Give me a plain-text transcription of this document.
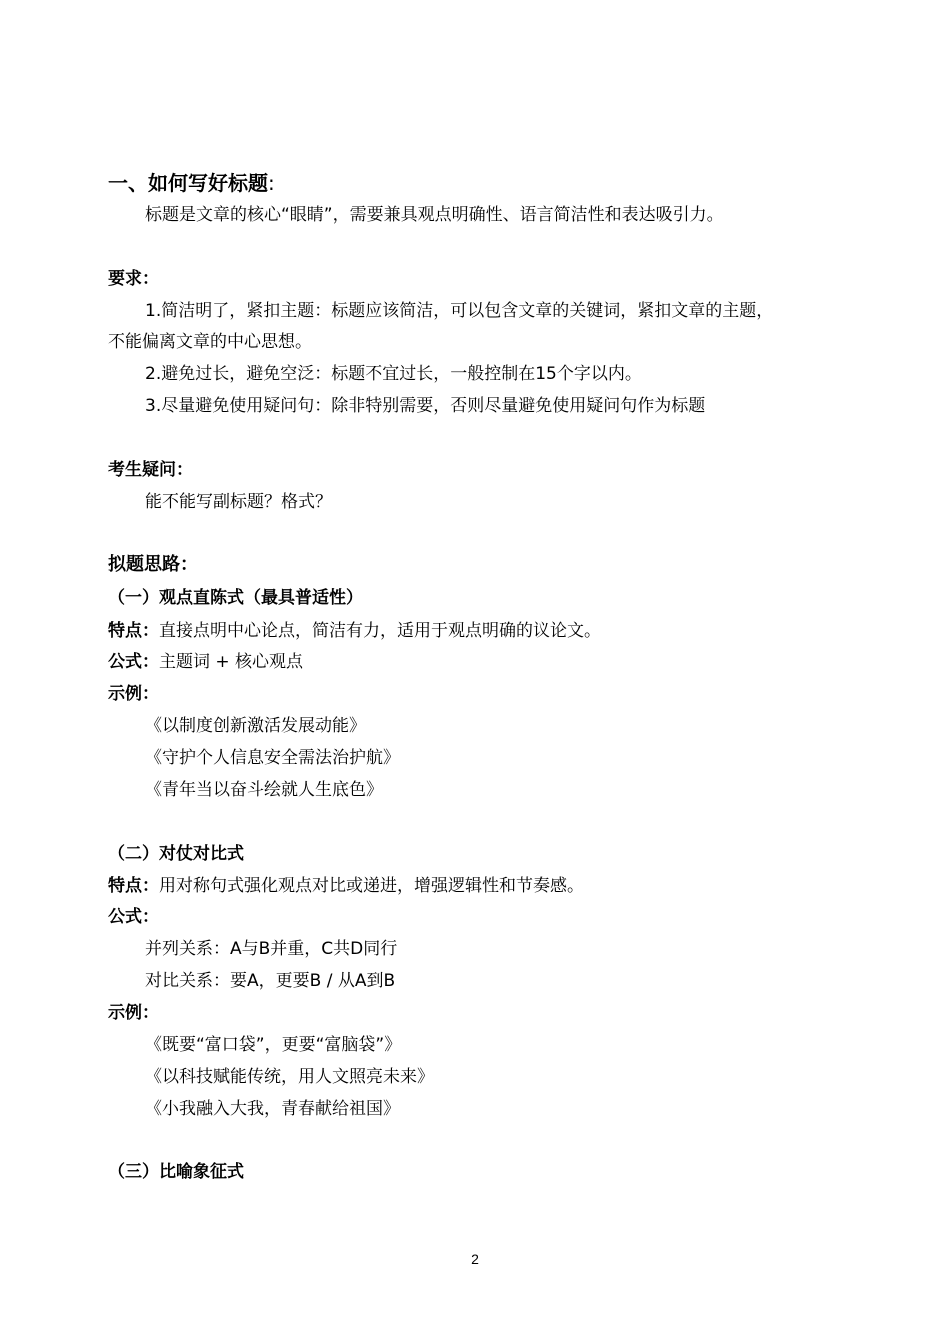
一、如何写好标题:
标题是文章的核心“眼睛”，需要兼具观点明确性、语言简洁性和表达吸引力。
要求：
1.简洁明了，紧扣主题：标题应该简洁，可以包含文章的关键词，紧扣文章的主题，
不能偏离文章的中心思想。
2.避免过长，避免空泛：标题不宜过长，一般控制在15个字以内。
3.尽量避免使用疑问句：除非特别需要，否则尽量避免使用疑问句作为标题
考生疑问：
能不能写副标题？格式？
拟题思路：
（一）观点直陈式（最具普适性）
特点：直接点明中心论点，简洁有力，适用于观点明确的议论文。
公式：主题词 + 核心观点
示例：
《以制度创新激活发展动能》
《守护个人信息安全需法治护航》
《青年当以奋斗绘就人生底色》
（二）对仗对比式
特点：用对称句式强化观点对比或递进，增强逻辑性和节奏感。
公式：
并列关系：A与B并重，C共D同行
对比关系：要A，更要B / 从A到B
示例：
《既要“富口袋”，更要“富脑袋”》
《以科技赋能传统，用人文照亮未来》
《小我融入大我，青春献给祖国》
（三）比喻象征式
2
